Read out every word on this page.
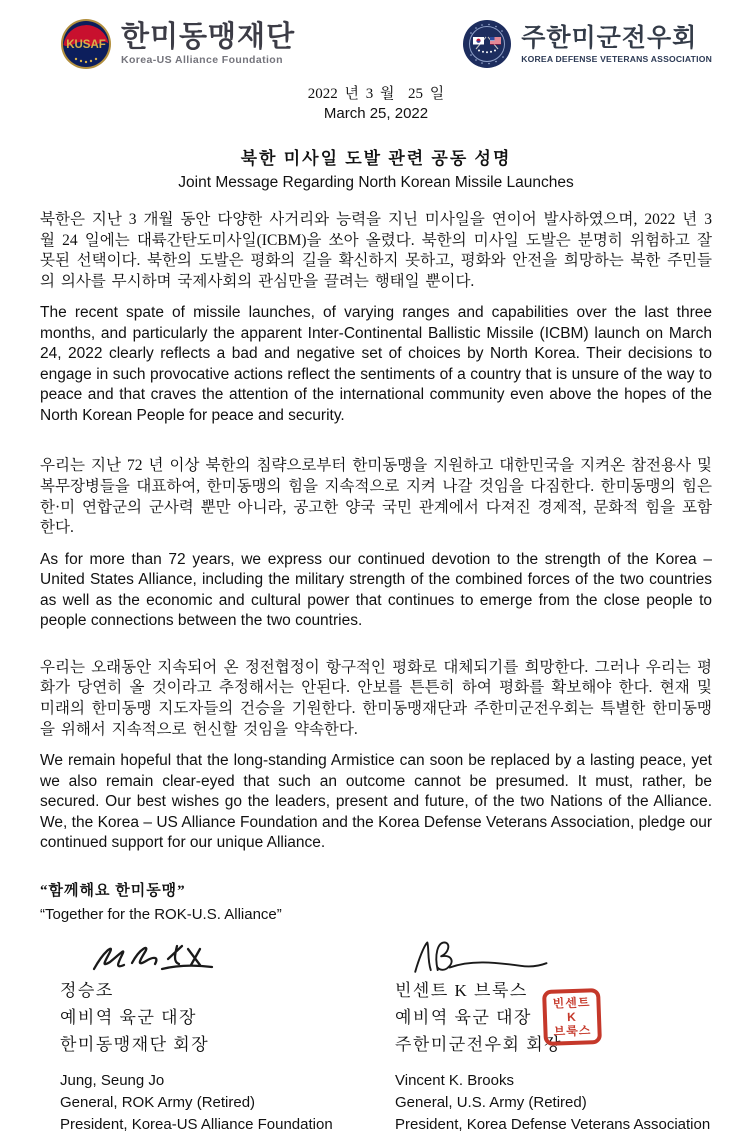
KUSAF 한미동맹재단
Korea-US Alliance Foundation
주한미군전우회
KOREA DEFENSE VETERANS ASSOCIATION
2022 년 3 월  25 일
March 25, 2022
북한 미사일 도발 관련 공동 성명
Joint Message Regarding North Korean Missile Launches

북한은 지난 3 개월 동안 다양한 사거리와 능력을 지닌 미사일을 연이어 발사하였으며, 2022 년 3 월 24 일에는 대륙간탄도미사일(ICBM)을 쏘아 올렸다. 북한의 미사일 도발은 분명히 위험하고 잘못된 선택이다. 북한의 도발은 평화의 길을 확신하지 못하고, 평화와 안전을 희망하는 북한 주민들의 의사를 무시하며 국제사회의 관심만을 끌려는 행태일 뿐이다.

The recent spate of missile launches, of varying ranges and capabilities over the last three months, and particularly the apparent Inter-Continental Ballistic Missile (ICBM) launch on March 24, 2022 clearly reflects a bad and negative set of choices by North Korea. Their decisions to engage in such provocative actions reflect the sentiments of a country that is unsure of the way to peace and that craves the attention of the international community even above the hopes of the North Korean People for peace and security.

우리는 지난 72 년 이상 북한의 침략으로부터 한미동맹을 지원하고 대한민국을 지켜온 참전용사 및 복무장병들을 대표하여, 한미동맹의 힘을 지속적으로 지켜 나갈 것임을 다짐한다. 한미동맹의 힘은 한·미 연합군의 군사력 뿐만 아니라, 공고한 양국 국민 관계에서 다져진 경제적, 문화적 힘을 포함한다.

As for more than 72 years, we express our continued devotion to the strength of the Korea – United States Alliance, including the military strength of the combined forces of the two countries as well as the economic and cultural power that continues to emerge from the close people to people connections between the two countries.

우리는 오래동안 지속되어 온 정전협정이 항구적인 평화로 대체되기를 희망한다. 그러나 우리는 평화가 당연히 올 것이라고 추정해서는 안된다. 안보를 튼튼히 하여 평화를 확보해야 한다. 현재 및 미래의 한미동맹 지도자들의 건승을 기원한다. 한미동맹재단과 주한미군전우회는 특별한 한미동맹을 위해서 지속적으로 헌신할 것임을 약속한다.

We remain hopeful that the long-standing Armistice can soon be replaced by a lasting peace, yet we also remain clear-eyed that such an outcome cannot be presumed. It must, rather, be secured. Our best wishes go the leaders, present and future, of the two Nations of the Alliance. We, the Korea – US Alliance Foundation and the Korea Defense Veterans Association, pledge our continued support for our unique Alliance.

“함께해요 한미동맹”
“Together for the ROK-U.S. Alliance”
정승조
예비역 육군 대장
한미동맹재단 회장
빈센트 K 브룩스
예비역 육군 대장
주한미군전우회 회장
빈센트
K
브룩스
Jung, Seung Jo
General, ROK Army (Retired)
President, Korea-US Alliance Foundation
Vincent K. Brooks
General, U.S. Army (Retired)
President, Korea Defense Veterans Association
